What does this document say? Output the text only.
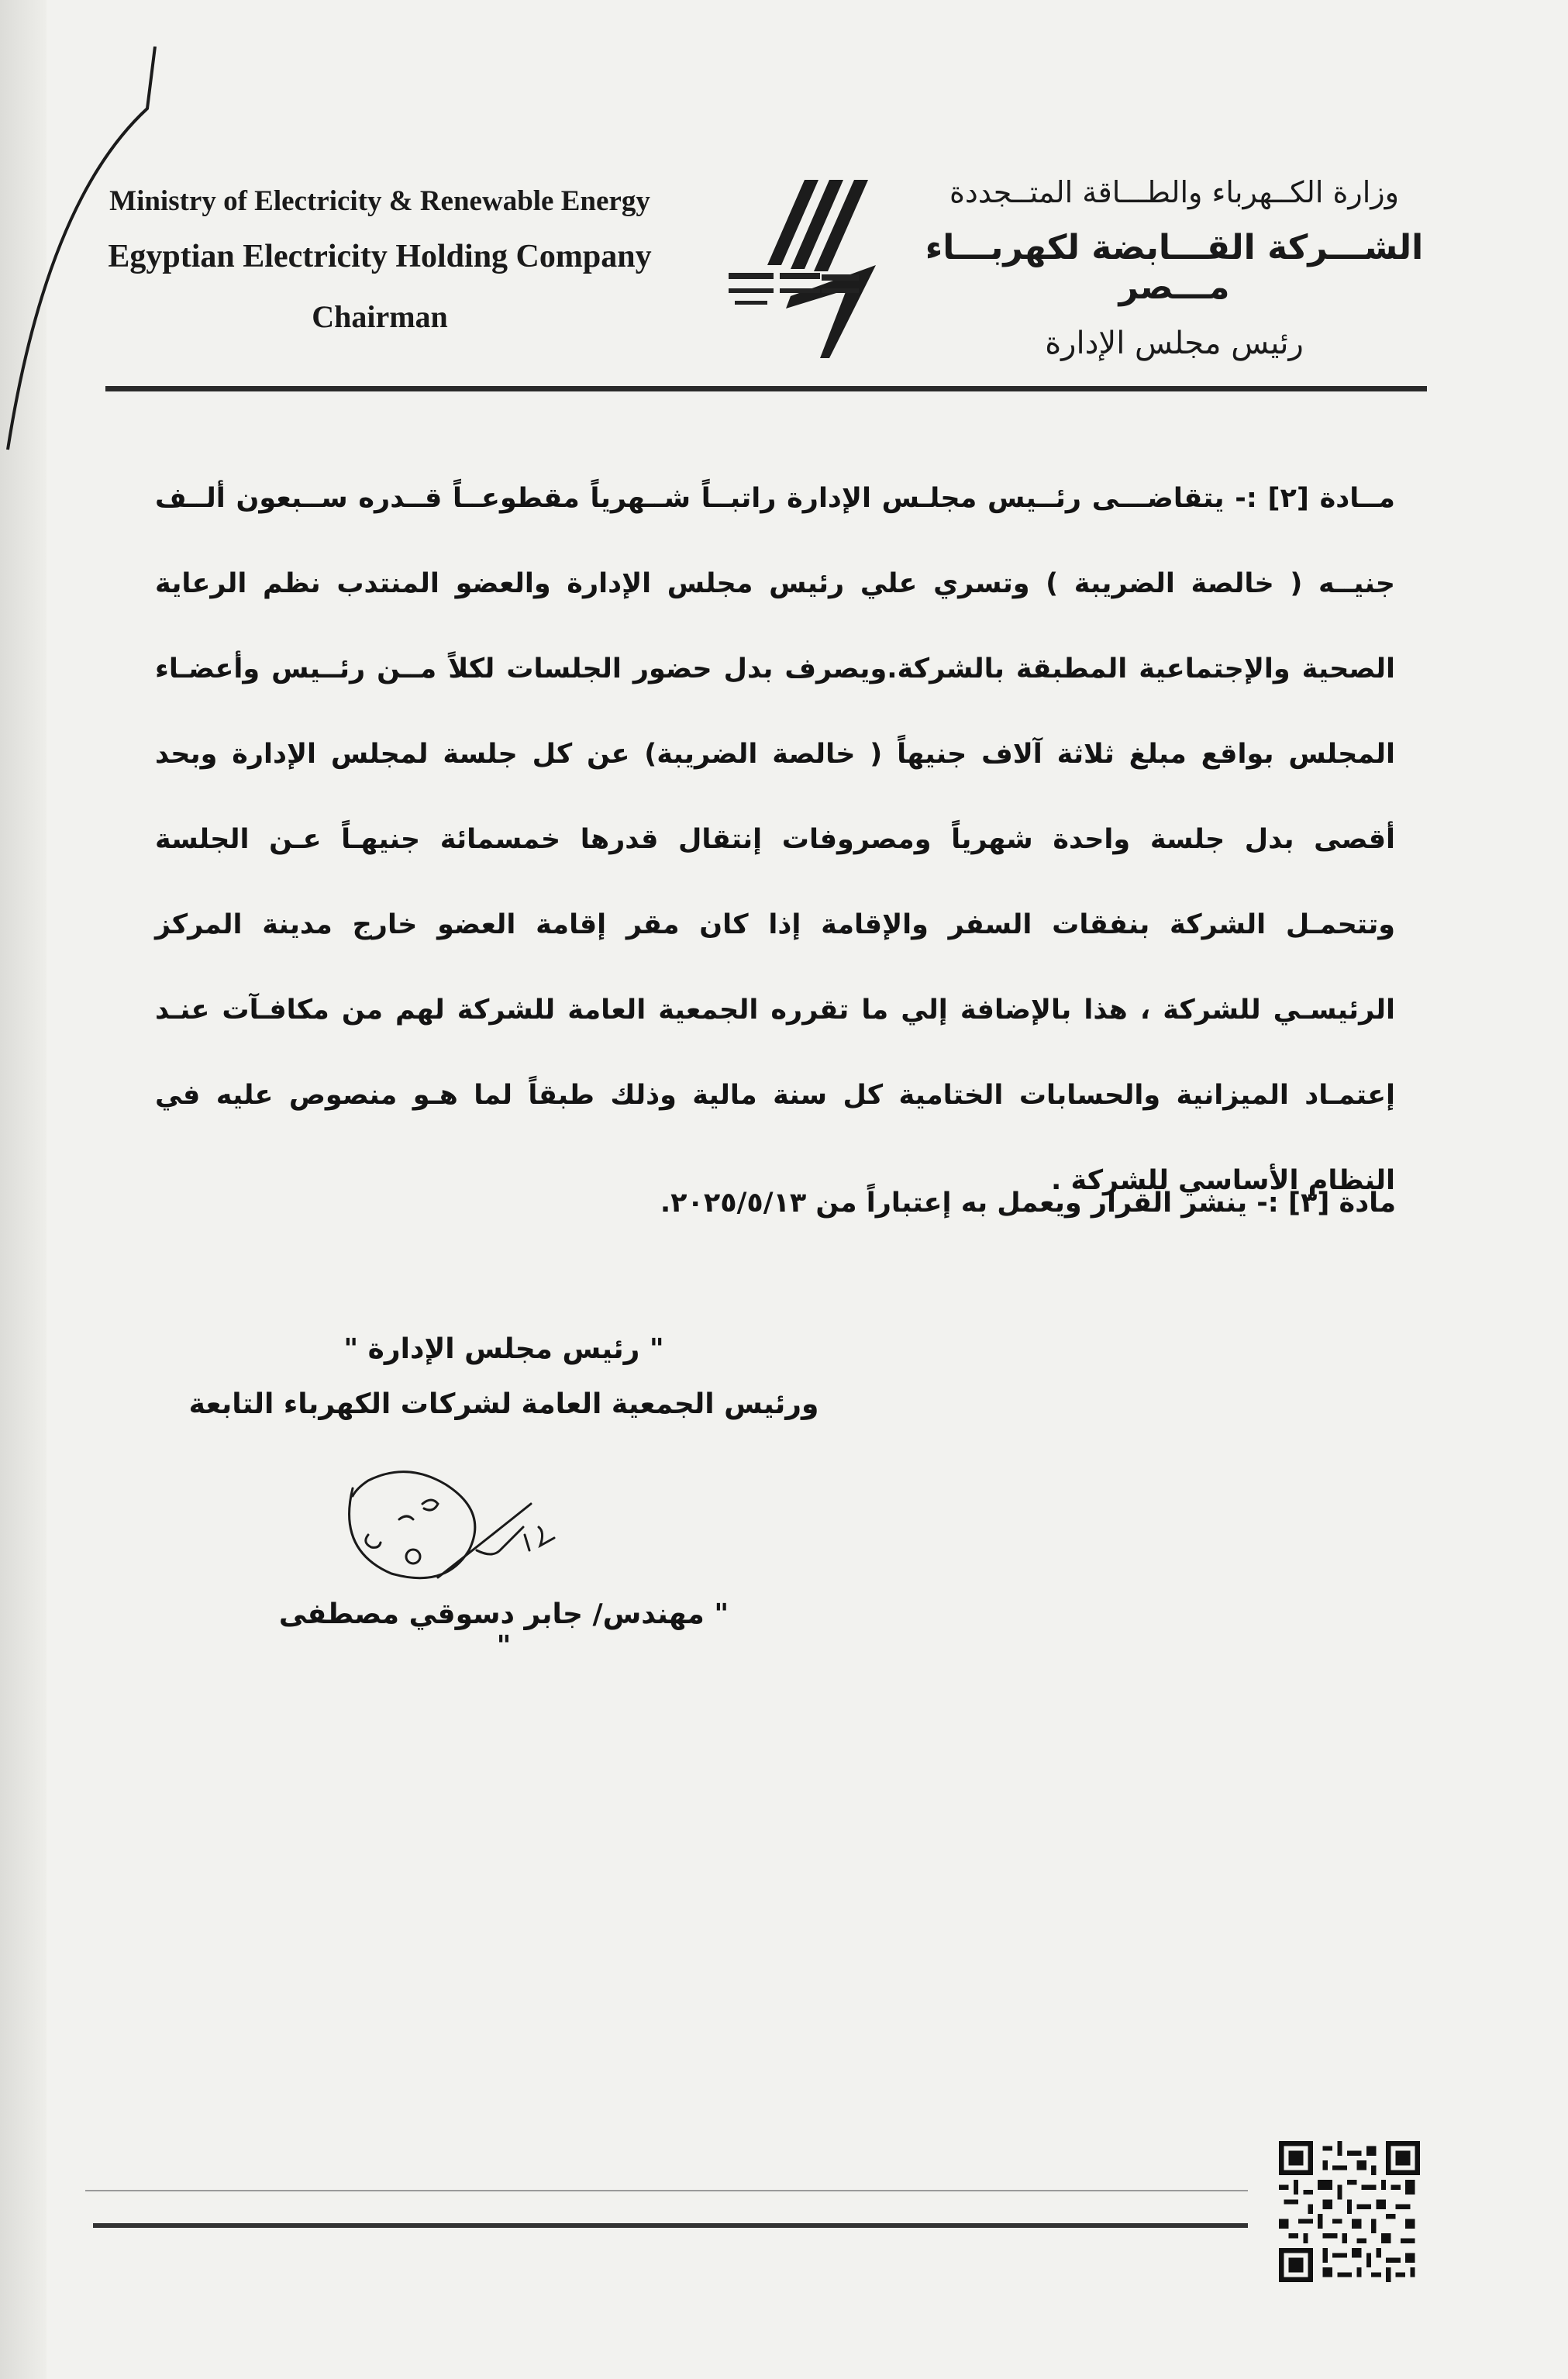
Ministry of Electricity & Renewable Energy
Egyptian Electricity Holding Company
Chairman
وزارة الكــهرباء والطـــاقة المتــجددة
الشـــركة القـــابضة لكهربـــاء مـــصر
رئيس مجلس الإدارة
مــادة [٢] :- يتقاضـــى رئــيس مجلـس الإدارة راتبــاً شــهرياً مقطوعــاً قــدره ســبعون ألــف جنيــه ( خالصة الضريبة ) وتسري علي رئيس مجلس الإدارة والعضو المنتدب نظم الرعاية الصحية والإجتماعية المطبقة بالشركة.ويصرف بدل حضور الجلسات لكلاً مــن رئــيس وأعضـاء المجلس بواقع مبلغ ثلاثة آلاف جنيهاً ( خالصة الضريبة) عن كل جلسة لمجلس الإدارة وبحد أقصى بدل جلسة واحدة شهرياً ومصروفات إنتقال قدرها خمسمائة جنيهـاً عـن الجلسة وتتحمـل الشركة بنفقات السفر والإقامة إذا كان مقر إقامة العضو خارج مدينة المركز الرئيسـي للشركة ، هذا بالإضافة إلي ما تقرره الجمعية العامة للشركة لهم من مكافـآت عنـد إعتمـاد الميزانية والحسابات الختامية كل سنة مالية وذلك طبقاً لما هـو منصوص عليه في النظام الأساسي للشركة .
مادة [٣] :- ينشر القرار ويعمل به إعتباراً من ٢٠٢٥/٥/١٣.
" رئيس مجلس الإدارة "
ورئيس الجمعية العامة لشركات الكهرباء التابعة
" مهندس/ جابر دسوقي مصطفى "
